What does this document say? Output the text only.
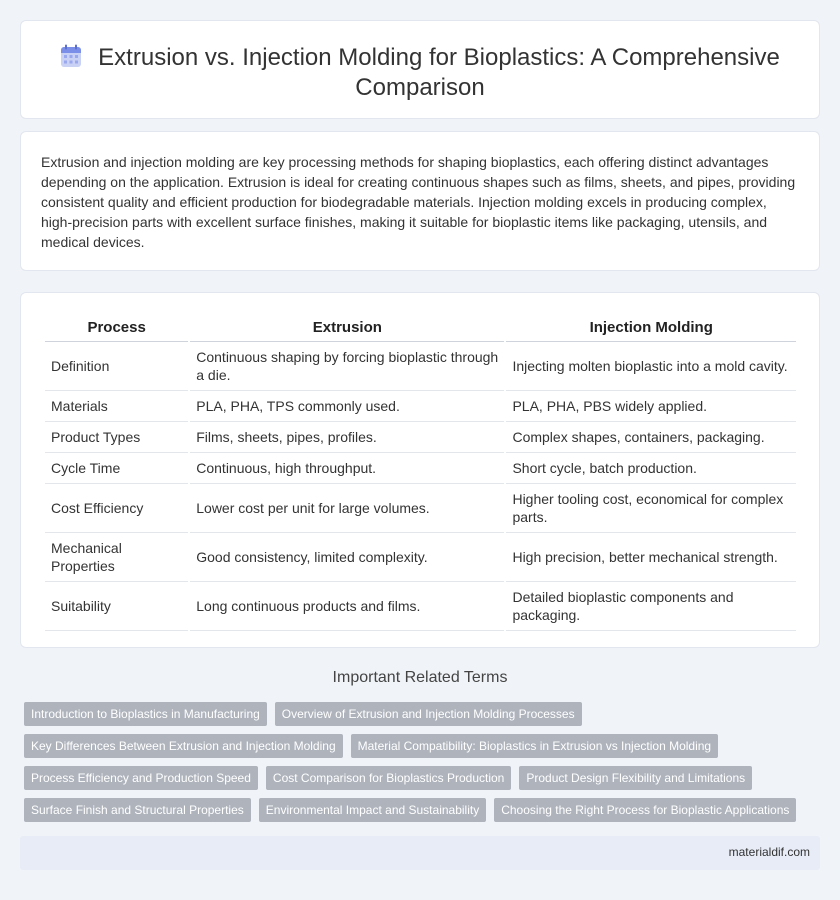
Extrusion vs. Injection Molding for Bioplastics: A Comprehensive Comparison

Extrusion and injection molding are key processing methods for shaping bioplastics, each offering distinct advantages depending on the application. Extrusion is ideal for creating continuous shapes such as films, sheets, and pipes, providing consistent quality and efficient production for biodegradable materials. Injection molding excels in producing complex, high-precision parts with excellent surface finishes, making it suitable for bioplastic items like packaging, utensils, and medical devices.

Process	Extrusion	Injection Molding
Definition	Continuous shaping by forcing bioplastic through a die.	Injecting molten bioplastic into a mold cavity.
Materials	PLA, PHA, TPS commonly used.	PLA, PHA, PBS widely applied.
Product Types	Films, sheets, pipes, profiles.	Complex shapes, containers, packaging.
Cycle Time	Continuous, high throughput.	Short cycle, batch production.
Cost Efficiency	Lower cost per unit for large volumes.	Higher tooling cost, economical for complex parts.
Mechanical Properties	Good consistency, limited complexity.	High precision, better mechanical strength.
Suitability	Long continuous products and films.	Detailed bioplastic components and packaging.
Important Related Terms
Introduction to Bioplastics in Manufacturing	Overview of Extrusion and Injection Molding Processes
Key Differences Between Extrusion and Injection Molding	Material Compatibility: Bioplastics in Extrusion vs Injection Molding
Process Efficiency and Production Speed	Cost Comparison for Bioplastics Production	Product Design Flexibility and Limitations
Surface Finish and Structural Properties	Environmental Impact and Sustainability	Choosing the Right Process for Bioplastic Applications
materialdif.com
